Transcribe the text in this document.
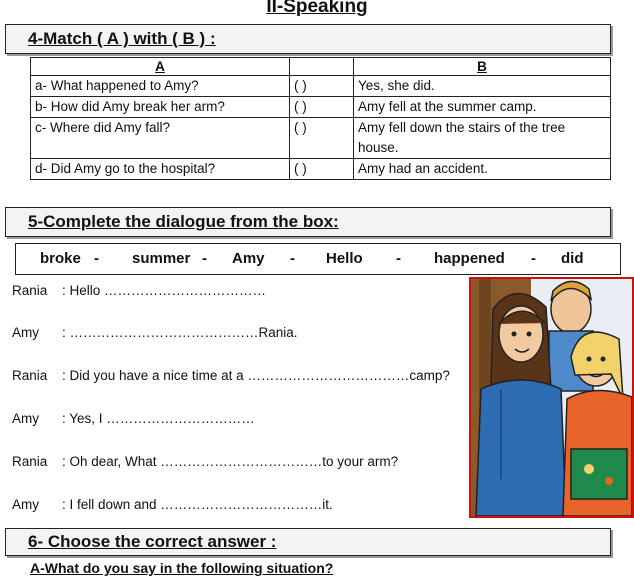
II-Speaking
4-Match ( A ) with ( B ) :
A		B
a- What happened to Amy?	( )	Yes, she did.
b- How did Amy break her arm?	( )	Amy fell at the summer camp.
c- Where did Amy fall?	( )	Amy fell down the stairs of the tree house.
d- Did Amy go to the hospital?	( )	Amy had an accident.
5-Complete the dialogue from the box:
broke - summer - Amy - Hello - happened - did
Rania : Hello ………………………………
Amy : ……………………………………Rania.
Rania : Did you have a nice time at a ………………………………camp?
Amy : Yes, I ……………………………
Rania : Oh dear, What ………………………………to your arm?
Amy : I fell down and ………………………………it.
6- Choose the correct answer :
A-What do you say in the following situation?
